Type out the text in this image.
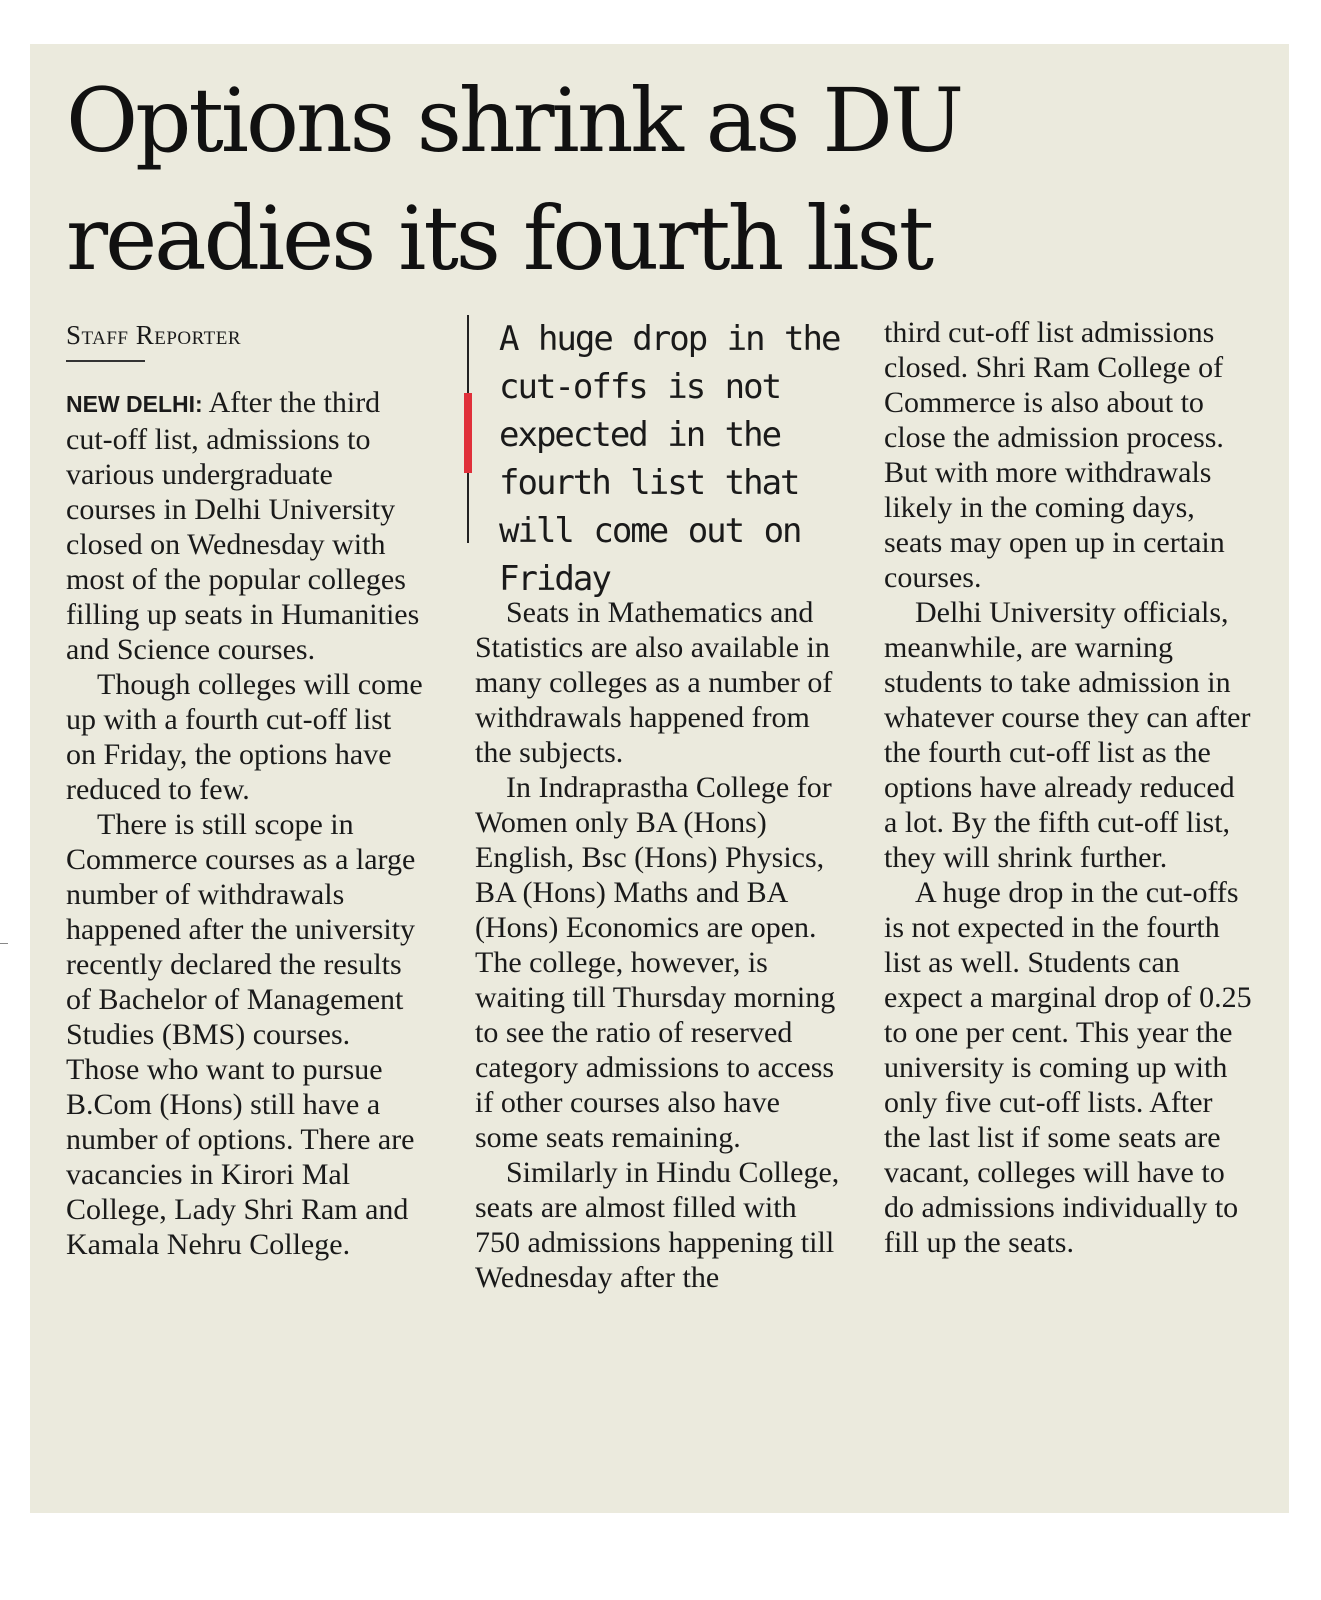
Options shrink as DU readies its fourth list
Staff Reporter

NEW DELHI: After the third cut-off list, admissions to various undergraduate courses in Delhi University closed on Wednesday with most of the popular colleges filling up seats in Humanities and Science courses.

Though colleges will come up with a fourth cut-off list on Friday, the options have reduced to few.

There is still scope in Commerce courses as a large number of withdrawals happened after the university recently declared the results of Bachelor of Management Studies (BMS) courses. Those who want to pursue B.Com (Hons) still have a number of options. There are vacancies in Kirori Mal College, Lady Shri Ram and Kamala Nehru College.

A huge drop in the cut-offs is not expected in the fourth list that will come out on Friday

Seats in Mathematics and Statistics are also available in many colleges as a number of withdrawals happened from the subjects.

In Indraprastha College for Women only BA (Hons) English, Bsc (Hons) Physics, BA (Hons) Maths and BA (Hons) Economics are open. The college, however, is waiting till Thursday morning to see the ratio of reserved category admissions to access if other courses also have some seats remaining.

Similarly in Hindu College, seats are almost filled with 750 admissions happening till Wednesday after the

third cut-off list admissions closed. Shri Ram College of Commerce is also about to close the admission process. But with more withdrawals likely in the coming days, seats may open up in certain courses.

Delhi University officials, meanwhile, are warning students to take admission in whatever course they can after the fourth cut-off list as the options have already reduced a lot. By the fifth cut-off list, they will shrink further.

A huge drop in the cut-offs is not expected in the fourth list as well. Students can expect a marginal drop of 0.25 to one per cent. This year the university is coming up with only five cut-off lists. After the last list if some seats are vacant, colleges will have to do admissions individually to fill up the seats.
